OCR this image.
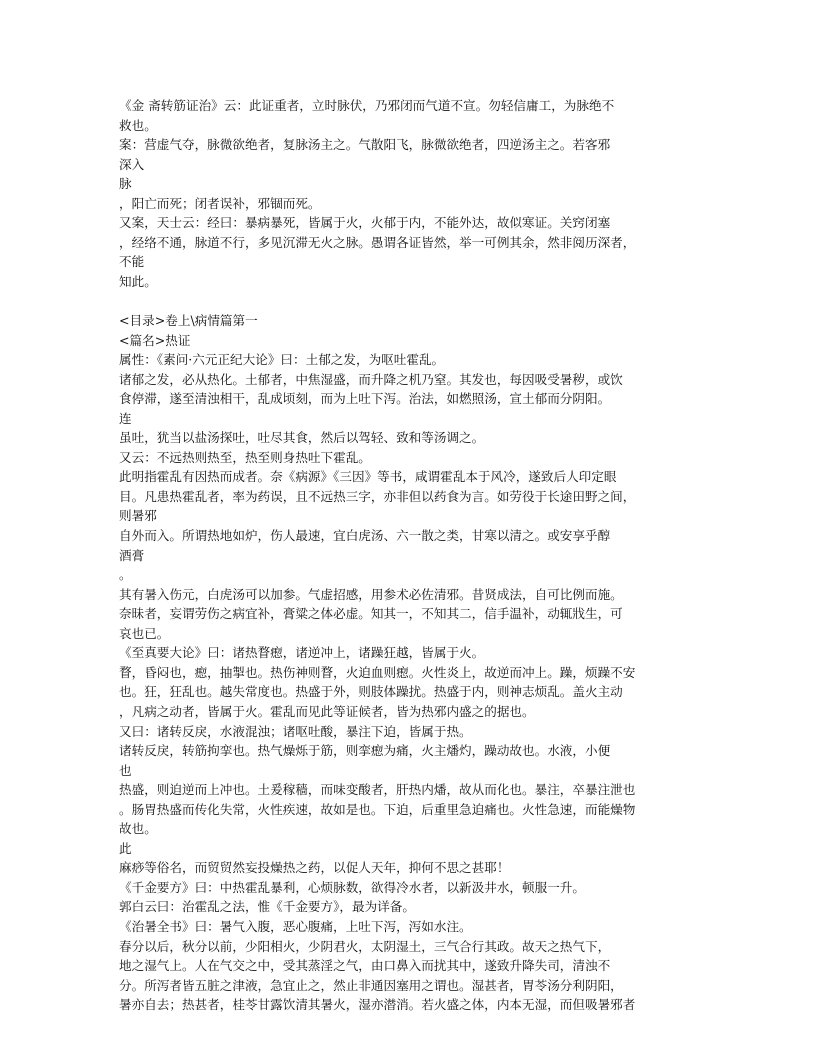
《金 斋转筋证治》云：此证重者，立时脉伏，乃邪闭而气道不宣。勿轻信庸工，为脉绝不
救也。
案：营虚气夺，脉微欲绝者，复脉汤主之。气散阳飞，脉微欲绝者，四逆汤主之。若客邪
深入
脉
，阳亡而死；闭者误补，邪锢而死。
又案，天士云：经曰：暴病暴死，皆属于火，火郁于内，不能外达，故似寒证。关窍闭塞
，经络不通，脉道不行，多见沉滞无火之脉。愚谓各证皆然，举一可例其余，然非阅历深者，
不能
知此。
<目录>卷上\病情篇第一
<篇名>热证
属性：《素问·六元正纪大论》曰：土郁之发，为呕吐霍乱。
诸郁之发，必从热化。土郁者，中焦湿盛，而升降之机乃窒。其发也，每因吸受暑秽，或饮
食停滞，遂至清浊相干，乱成顷刻，而为上吐下泻。治法，如燃照汤，宣土郁而分阴阳。
连
虽吐，犹当以盐汤探吐，吐尽其食，然后以驾轻、致和等汤调之。
又云：不远热则热至，热至则身热吐下霍乱。
此明指霍乱有因热而成者。奈《病源》《三因》等书，咸谓霍乱本于风冷，遂致后人印定眼
目。凡患热霍乱者，率为药误，且不远热三字，亦非但以药食为言。如劳役于长途田野之间，
则暑邪
自外而入。所谓热地如炉，伤人最速，宜白虎汤、六一散之类，甘寒以清之。或安享乎醇
酒膏
。
其有暑入伤元，白虎汤可以加参。气虚招感，用参术必佐清邪。昔贤成法，自可比例而施。
奈昧者，妄谓劳伤之病宜补，膏粱之体必虚。知其一，不知其二，信手温补，动辄戕生，可
哀也已。
《至真要大论》曰：诸热瞀瘛，诸逆冲上，诸躁狂越，皆属于火。
瞀，昏闷也，瘛，抽掣也。热伤神则瞀，火迫血则瘛。火性炎上，故逆而冲上。躁，烦躁不安
也。狂，狂乱也。越失常度也。热盛于外，则肢体躁扰。热盛于内，则神志烦乱。盖火主动
，凡病之动者，皆属于火。霍乱而见此等证候者，皆为热邪内盛之的据也。
又曰：诸转反戾，水液混浊；诸呕吐酸，暴注下迫，皆属于热。
诸转反戾，转筋拘挛也。热气燥烁于筋，则挛瘛为痛，火主燔灼，躁动故也。水液，小便
也
热盛，则迫逆而上冲也。土爰稼穑，而味变酸者，肝热内燔，故从而化也。暴注，卒暴注泄也
。肠胃热盛而传化失常，火性疾速，故如是也。下迫，后重里急迫痛也。火性急速，而能燥物
故也。
此
麻痧等俗名，而贸贸然妄投燥热之药，以促人天年，抑何不思之甚耶！
《千金要方》曰：中热霍乱暴利，心烦脉数，欲得冷水者，以新汲井水，顿服一升。
郭白云曰：治霍乱之法，惟《千金要方》，最为详备。
《治暑全书》曰：暑气入腹，恶心腹痛，上吐下泻，泻如水注。
春分以后，秋分以前，少阳相火，少阴君火，太阴湿土，三气合行其政。故天之热气下，
地之湿气上。人在气交之中，受其蒸淫之气，由口鼻入而扰其中，遂致升降失司，清浊不
分。所泻者皆五脏之津液，急宜止之，然止非通因塞用之谓也。湿甚者，胃苓汤分利阴阳，
暑亦自去；热甚者，桂苓甘露饮清其暑火，湿亦潜消。若火盛之体，内本无湿，而但吸暑邪者
